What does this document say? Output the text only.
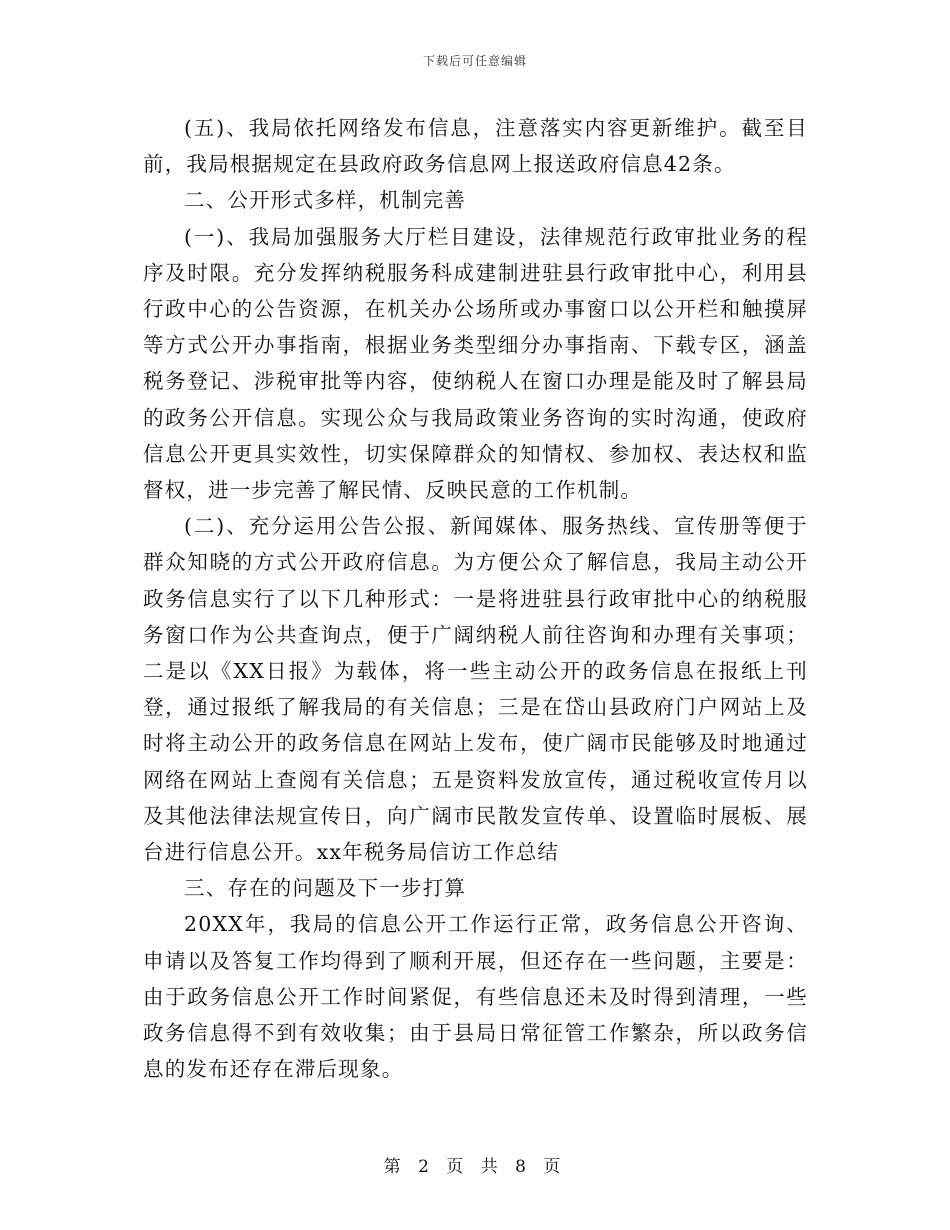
下载后可任意编辑

(五)、我局依托网络发布信息，注意落实内容更新维护。截至目前，我局根据规定在县政府政务信息网上报送政府信息42条。

二、公开形式多样，机制完善

(一)、我局加强服务大厅栏目建设，法律规范行政审批业务的程序及时限。充分发挥纳税服务科成建制进驻县行政审批中心，利用县行政中心的公告资源，在机关办公场所或办事窗口以公开栏和触摸屏等方式公开办事指南，根据业务类型细分办事指南、下载专区，涵盖税务登记、涉税审批等内容，使纳税人在窗口办理是能及时了解县局的政务公开信息。实现公众与我局政策业务咨询的实时沟通，使政府信息公开更具实效性，切实保障群众的知情权、参加权、表达权和监督权，进一步完善了解民情、反映民意的工作机制。

(二)、充分运用公告公报、新闻媒体、服务热线、宣传册等便于群众知晓的方式公开政府信息。为方便公众了解信息，我局主动公开政务信息实行了以下几种形式：一是将进驻县行政审批中心的纳税服务窗口作为公共查询点，便于广阔纳税人前往咨询和办理有关事项；二是以《XX日报》为载体，将一些主动公开的政务信息在报纸上刊登，通过报纸了解我局的有关信息；三是在岱山县政府门户网站上及时将主动公开的政务信息在网站上发布，使广阔市民能够及时地通过网络在网站上查阅有关信息；五是资料发放宣传，通过税收宣传月以及其他法律法规宣传日，向广阔市民散发宣传单、设置临时展板、展台进行信息公开。xx年税务局信访工作总结

三、存在的问题及下一步打算

20XX年，我局的信息公开工作运行正常，政务信息公开咨询、申请以及答复工作均得到了顺利开展，但还存在一些问题，主要是：由于政务信息公开工作时间紧促，有些信息还未及时得到清理，一些政务信息得不到有效收集；由于县局日常征管工作繁杂，所以政务信息的发布还存在滞后现象。

第 2 页 共 8 页
